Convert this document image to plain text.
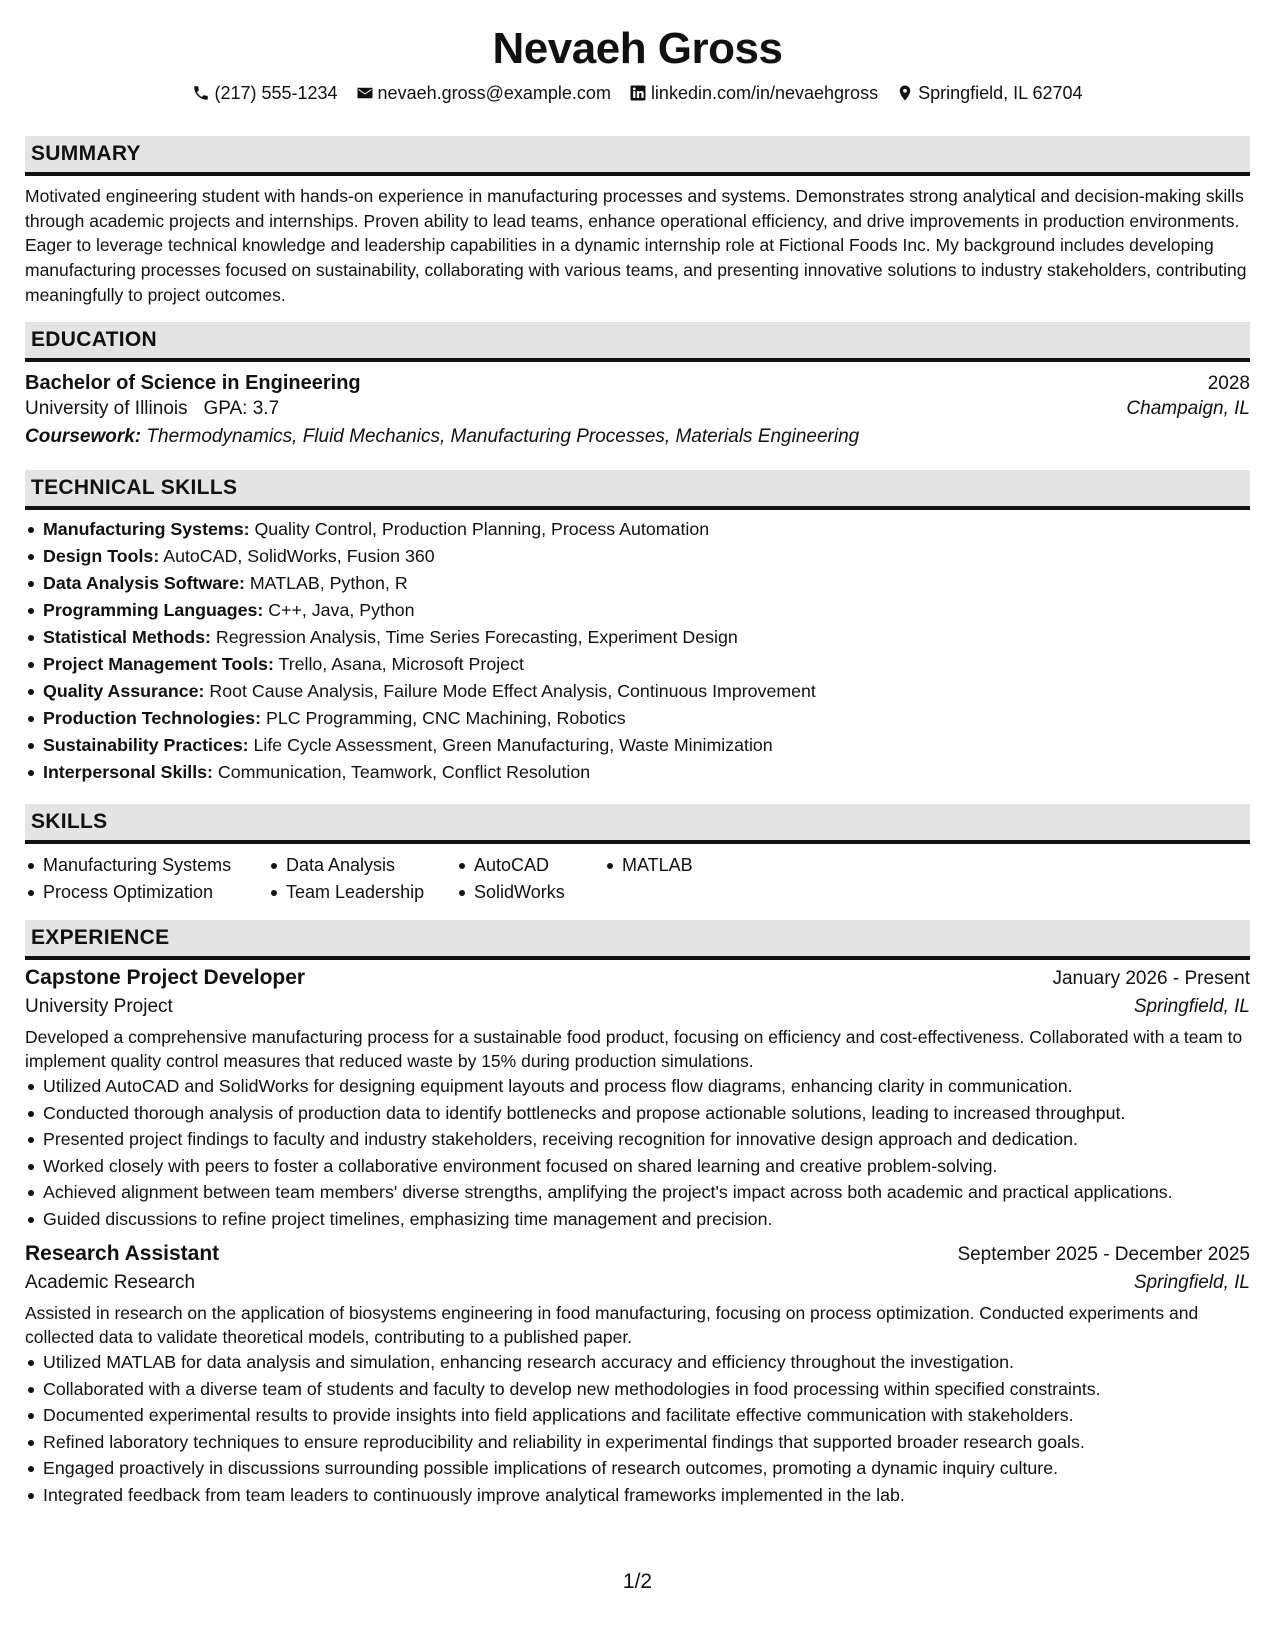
Nevaeh Gross
(217) 555-1234 nevaeh.gross@example.com linkedin.com/in/nevaehgross Springfield, IL 62704
SUMMARY
Motivated engineering student with hands-on experience in manufacturing processes and systems. Demonstrates strong analytical and decision-making skills through academic projects and internships. Proven ability to lead teams, enhance operational efficiency, and drive improvements in production environments. Eager to leverage technical knowledge and leadership capabilities in a dynamic internship role at Fictional Foods Inc. My background includes developing manufacturing processes focused on sustainability, collaborating with various teams, and presenting innovative solutions to industry stakeholders, contributing meaningfully to project outcomes.
EDUCATION
Bachelor of Science in Engineering	2028
University of Illinois GPA: 3.7	Champaign, IL
Coursework: Thermodynamics, Fluid Mechanics, Manufacturing Processes, Materials Engineering
TECHNICAL SKILLS
Manufacturing Systems: Quality Control, Production Planning, Process Automation
Design Tools: AutoCAD, SolidWorks, Fusion 360
Data Analysis Software: MATLAB, Python, R
Programming Languages: C++, Java, Python
Statistical Methods: Regression Analysis, Time Series Forecasting, Experiment Design
Project Management Tools: Trello, Asana, Microsoft Project
Quality Assurance: Root Cause Analysis, Failure Mode Effect Analysis, Continuous Improvement
Production Technologies: PLC Programming, CNC Machining, Robotics
Sustainability Practices: Life Cycle Assessment, Green Manufacturing, Waste Minimization
Interpersonal Skills: Communication, Teamwork, Conflict Resolution
SKILLS
Manufacturing Systems
Process Optimization
Data Analysis
Team Leadership
AutoCAD
SolidWorks
MATLAB
EXPERIENCE
Capstone Project Developer	January 2026 - Present
University Project	Springfield, IL
Developed a comprehensive manufacturing process for a sustainable food product, focusing on efficiency and cost-effectiveness. Collaborated with a team to implement quality control measures that reduced waste by 15% during production simulations.
Utilized AutoCAD and SolidWorks for designing equipment layouts and process flow diagrams, enhancing clarity in communication.
Conducted thorough analysis of production data to identify bottlenecks and propose actionable solutions, leading to increased throughput.
Presented project findings to faculty and industry stakeholders, receiving recognition for innovative design approach and dedication.
Worked closely with peers to foster a collaborative environment focused on shared learning and creative problem-solving.
Achieved alignment between team members' diverse strengths, amplifying the project's impact across both academic and practical applications.
Guided discussions to refine project timelines, emphasizing time management and precision.
Research Assistant	September 2025 - December 2025
Academic Research	Springfield, IL
Assisted in research on the application of biosystems engineering in food manufacturing, focusing on process optimization. Conducted experiments and collected data to validate theoretical models, contributing to a published paper.
Utilized MATLAB for data analysis and simulation, enhancing research accuracy and efficiency throughout the investigation.
Collaborated with a diverse team of students and faculty to develop new methodologies in food processing within specified constraints.
Documented experimental results to provide insights into field applications and facilitate effective communication with stakeholders.
Refined laboratory techniques to ensure reproducibility and reliability in experimental findings that supported broader research goals.
Engaged proactively in discussions surrounding possible implications of research outcomes, promoting a dynamic inquiry culture.
Integrated feedback from team leaders to continuously improve analytical frameworks implemented in the lab.
1/2
